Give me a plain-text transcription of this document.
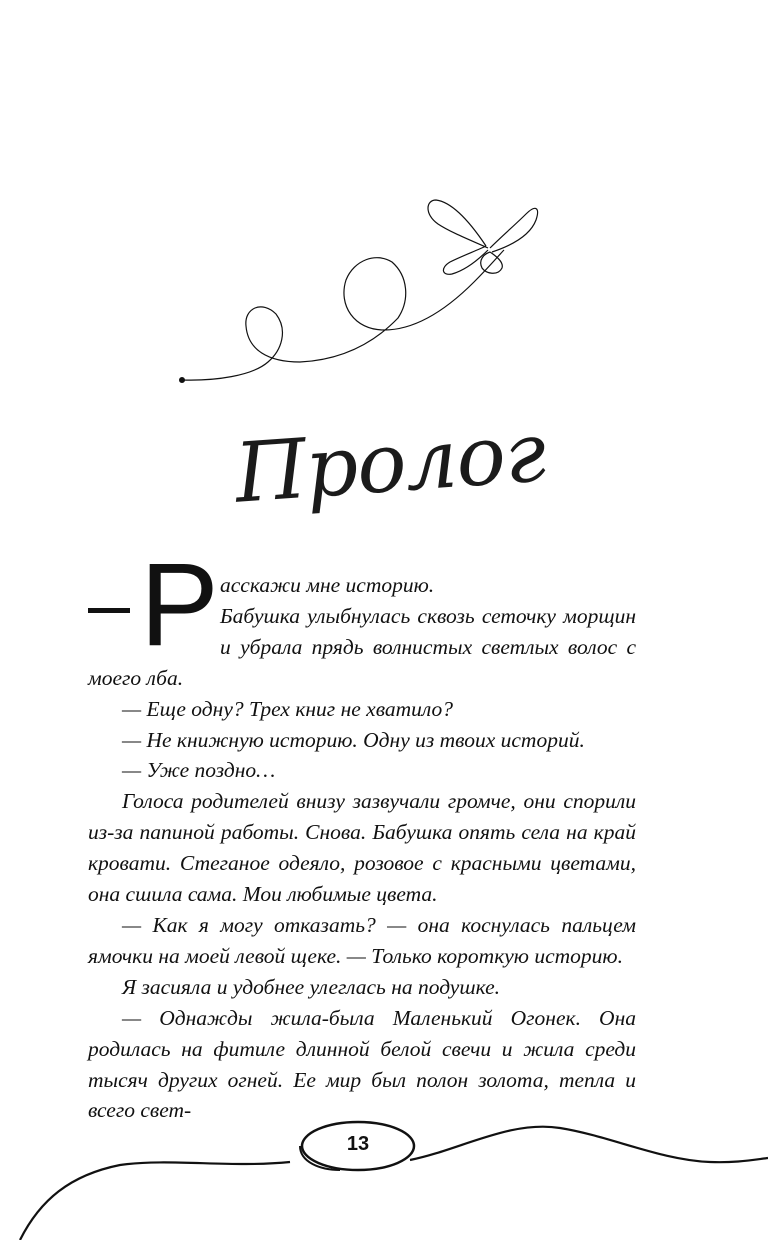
Пролог
Р асскажи мне историю.

Бабушка улыбнулась сквозь сеточку морщин и убрала прядь волнистых светлых волос с моего лба.

— Еще одну? Трех книг не хватило?

— Не книжную историю. Одну из твоих историй.

— Уже поздно…

Голоса родителей внизу зазвучали громче, они спорили из-за папиной работы. Снова. Бабушка опять села на край кровати. Стеганое одеяло, розовое с красными цветами, она сшила сама. Мои любимые цвета.

— Как я могу отказать? — она коснулась пальцем ямочки на моей левой щеке. — Только короткую историю.

Я засияла и удобнее улеглась на подушке.

— Однажды жила-была Маленький Огонек. Она родилась на фитиле длинной белой свечи и жила среди тысяч других огней. Ее мир был полон золота, тепла и всего свет-

13
